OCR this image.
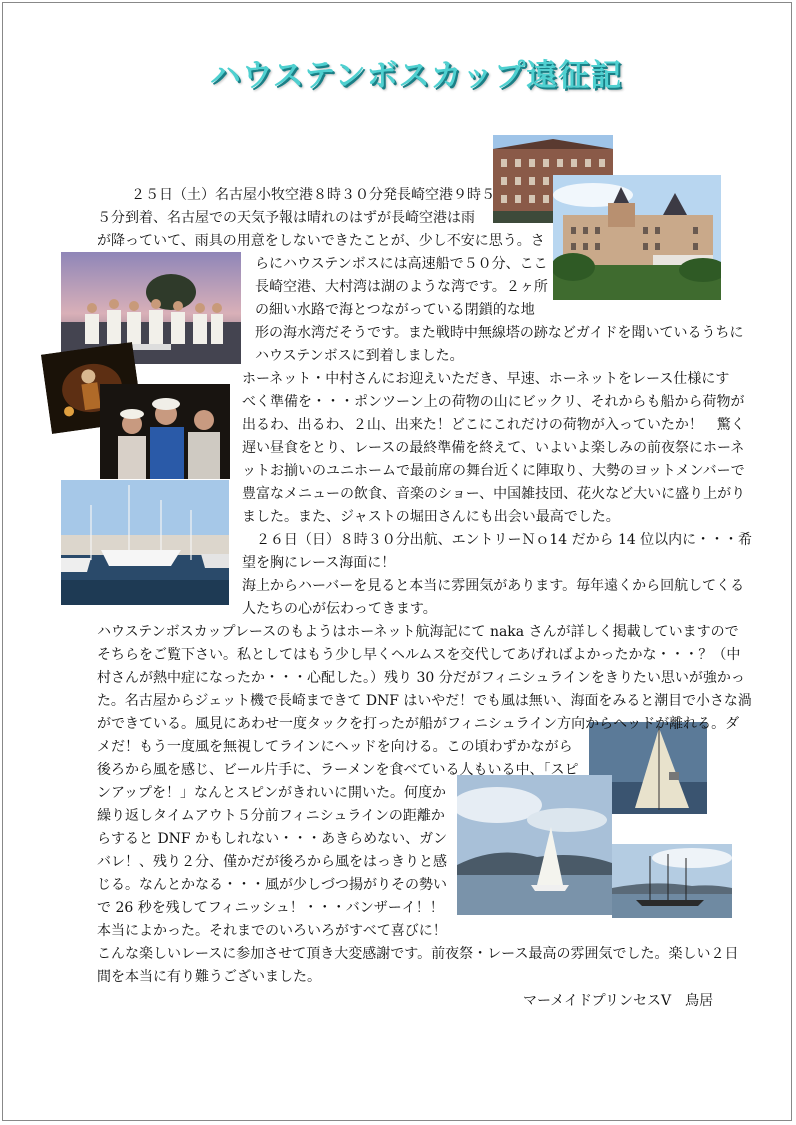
ハウステンボスカップ遠征記
　２５日（土）名古屋小牧空港８時３０分発長崎空港９時５
５分到着、名古屋での天気予報は晴れのはずが長崎空港は雨
が降っていて、雨具の用意をしないできたことが、少し不安に思う。さ
らにハウステンボスには高速船で５０分、ここ
長崎空港、大村湾は湖のような湾です。２ヶ所
の細い水路で海とつながっている閉鎖的な地
形の海水湾だそうです。また戦時中無線塔の跡などガイドを聞いているうちに
ハウステンボスに到着しました。
ホーネット・中村さんにお迎えいただき、早速、ホーネットをレース仕様にす
べく準備を・・・ポンツーン上の荷物の山にビックリ、それからも船から荷物が
出るわ、出るわ、２山、出来た！どこにこれだけの荷物が入っていたか！　驚く
遅い昼食をとり、レースの最終準備を終えて、いよいよ楽しみの前夜祭にホーネ
ットお揃いのユニホームで最前席の舞台近くに陣取り、大勢のヨットメンバーで
豊富なメニューの飲食、音楽のショー、中国雑技団、花火など大いに盛り上がり
ました。また、ジャストの堀田さんにも出会い最高でした。
　２６日（日）８時３０分出航、エントリーＮｏ14 だから 14 位以内に・・・希
望を胸にレース海面に！
海上からハーバーを見ると本当に雰囲気があります。毎年遠くから回航してくる
人たちの心が伝わってきます。
ハウステンボスカップレースのもようはホーネット航海記にて naka さんが詳しく掲載していますので
そちらをご覧下さい。私としてはもう少し早くヘルムスを交代してあげればよかったかな・・・？（中
村さんが熱中症になったか・・・心配した。）残り 30 分だがフィニシュラインをきりたい思いが強かっ
た。名古屋からジェット機で長崎まできて DNF はいやだ！でも風は無い、海面をみると潮目で小さな渦
ができている。風見にあわせ一度タックを打ったが船がフィニシュライン方向からヘッドが離れる。ダ
メだ！もう一度風を無視してラインにヘッドを向ける。この頃わずかながら
後ろから風を感じ、ビール片手に、ラーメンを食べている人もいる中、「スピ
ンアップを！」なんとスピンがきれいに開いた。何度か
繰り返しタイムアウト５分前フィニシュラインの距離か
らすると DNF かもしれない・・・あきらめない、ガン
バレ！、残り２分、僅かだが後ろから風をはっきりと感
じる。なんとかなる・・・風が少しづつ揚がりその勢い
で 26 秒を残してフィニッシュ！・・・バンザーイ！！
本当によかった。それまでのいろいろがすべて喜びに！
こんな楽しいレースに参加させて頂き大変感謝です。前夜祭・レース最高の雰囲気でした。楽しい２日
間を本当に有り難うございました。
マーメイドプリンセスV　鳥居
